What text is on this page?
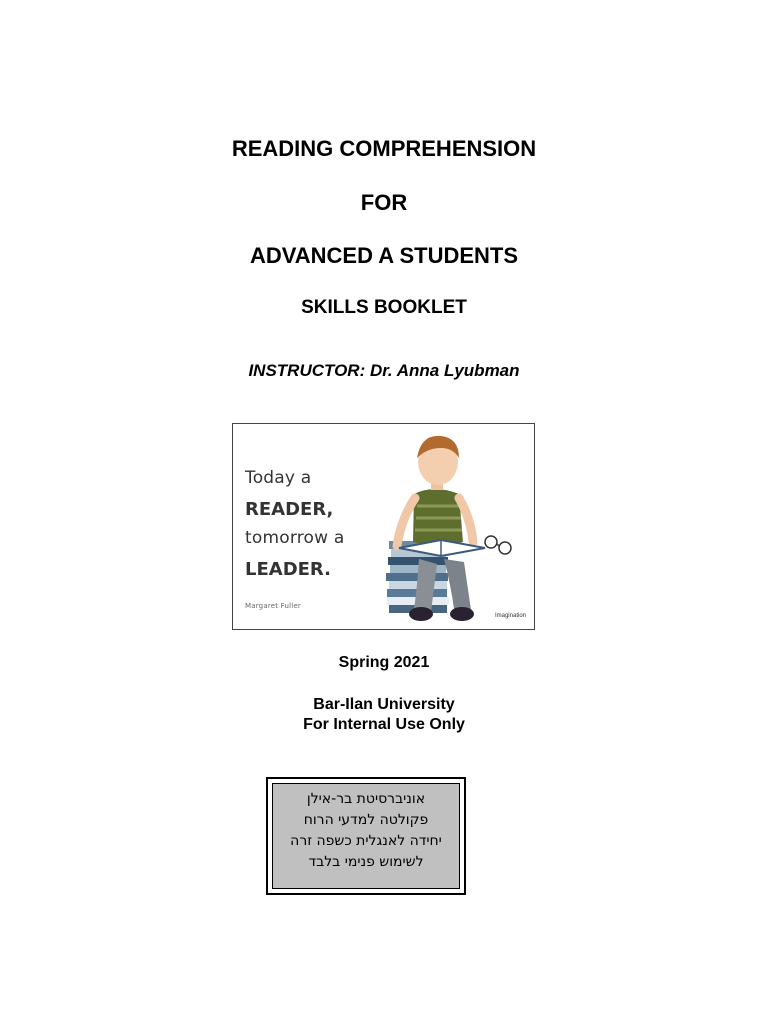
READING COMPREHENSION
FOR
ADVANCED A STUDENTS
SKILLS BOOKLET
INSTRUCTOR: Dr. Anna Lyubman
Today a
READER,
tomorrow a
LEADER.
Margaret Fuller
Imagination
Spring 2021
Bar-Ilan University
For Internal Use Only
אוניברסיטת בר-אילן
פקולטה למדעי הרוח
יחידה לאנגלית כשפה זרה
לשימוש פנימי בלבד
